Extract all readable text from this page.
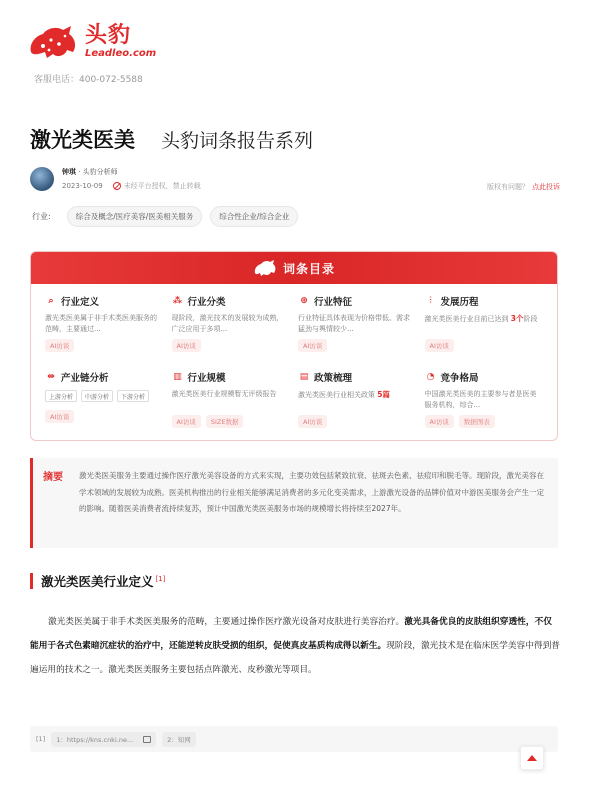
头豹
Leadleo.com
客服电话：400-072-5588
激光类医美 头豹词条报告系列
钟琪 · 头豹分析师
2023-10-09	未经平台授权，禁止转载	版权有问题？ 点此投诉
行业:	综合及概念/医疗美容/医美相关服务	综合性企业/综合企业
词条目录
⌕ 行业定义
激光类医美属于非手术类医美服务的范畴，主要通过...
AI访谈
⁂ 行业分类
现阶段，激光技术的发展较为成熟，广泛应用于多项...
AI访谈
⊕ 行业特征
行业特征具体表现为价格带低、需求猛劲与舆情较少...
AI访谈
⫶ 发展历程
激光类医美行业目前已达到 3个阶段
AI访谈
⇹ 产业链分析
上游分析	中游分析	下游分析
AI访谈
▥ 行业规模
激光类医美行业规模暂无评级报告
AI访谈	SIZE数据
▤ 政策梳理
激光类医美行业相关政策 5篇
AI访谈
◔ 竞争格局
中国激光类医美的主要参与者是医美服务机构，综合...
AI访谈	数据图表
摘要	激光类医美服务主要通过操作医疗激光美容设备的方式来实现，主要功效包括紧致抗衰、祛斑去色素、祛痘印和脱毛等。现阶段，激光美容在学术领域的发展较为成熟。医美机构推出的行业相关能够满足消费者的多元化变美需求，上游激光设备的品牌价值对中游医美服务会产生一定的影响。随着医美消费者流持续复苏，预计中国激光类医美服务市场的规模增长将持续至2027年。
激光类医美行业定义 [1]

激光类医美属于非手术类医美服务的范畴，主要通过操作医疗激光设备对皮肤进行美容治疗。激光具备优良的皮肤组织穿透性，不仅能用于各式色素暗沉症状的治疗中，还能逆转皮肤受损的组织，促使真皮基质构成得以新生。现阶段，激光技术是在临床医学美容中得到普遍运用的技术之一。激光类医美服务主要包括点阵激光、皮秒激光等项目。

[1] 1：https://kns.cnki.ne...	2：知网
